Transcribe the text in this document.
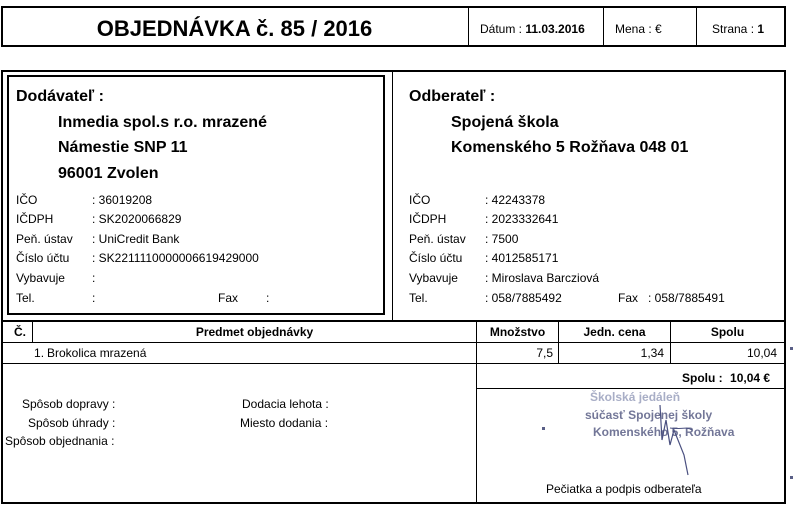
OBJEDNÁVKA č. 85 / 2016	Dátum : 11.03.2016	Mena : €	Strana : 1
Dodávateľ :
Inmedia spol.s r.o. mrazené
Námestie SNP 11
96001 Zvolen
IČO	: 36019208
IČDPH	: SK2020066829
Peň. ústav : UniCredit Bank
Číslo účtu : SK2211110000006619429000
Vybavuje :
Tel.	:	Fax :
Odberateľ :
Spojená škola
Komenského 5 Rožňava 048 01
IČO	: 42243378
IČDPH	: 2023332641
Peň. ústav : 7500
Číslo účtu : 4012585171
Vybavuje : Miroslava Barcziová
Tel.	: 058/7885492	Fax : 058/7885491
Č.	Predmet objednávky	Množstvo	Jedn. cena	Spolu
1. Brokolica mrazená	7,5	1,34	10,04
Spolu : 10,04 €
Spôsob dopravy :
Spôsob úhrady :
Spôsob objednania :
Dodacia lehota :
Miesto dodania :
Školská jedáleň
súčasť Spojenej školy
Komenského 5, Rožňava
Pečiatka a podpis odberateľa
